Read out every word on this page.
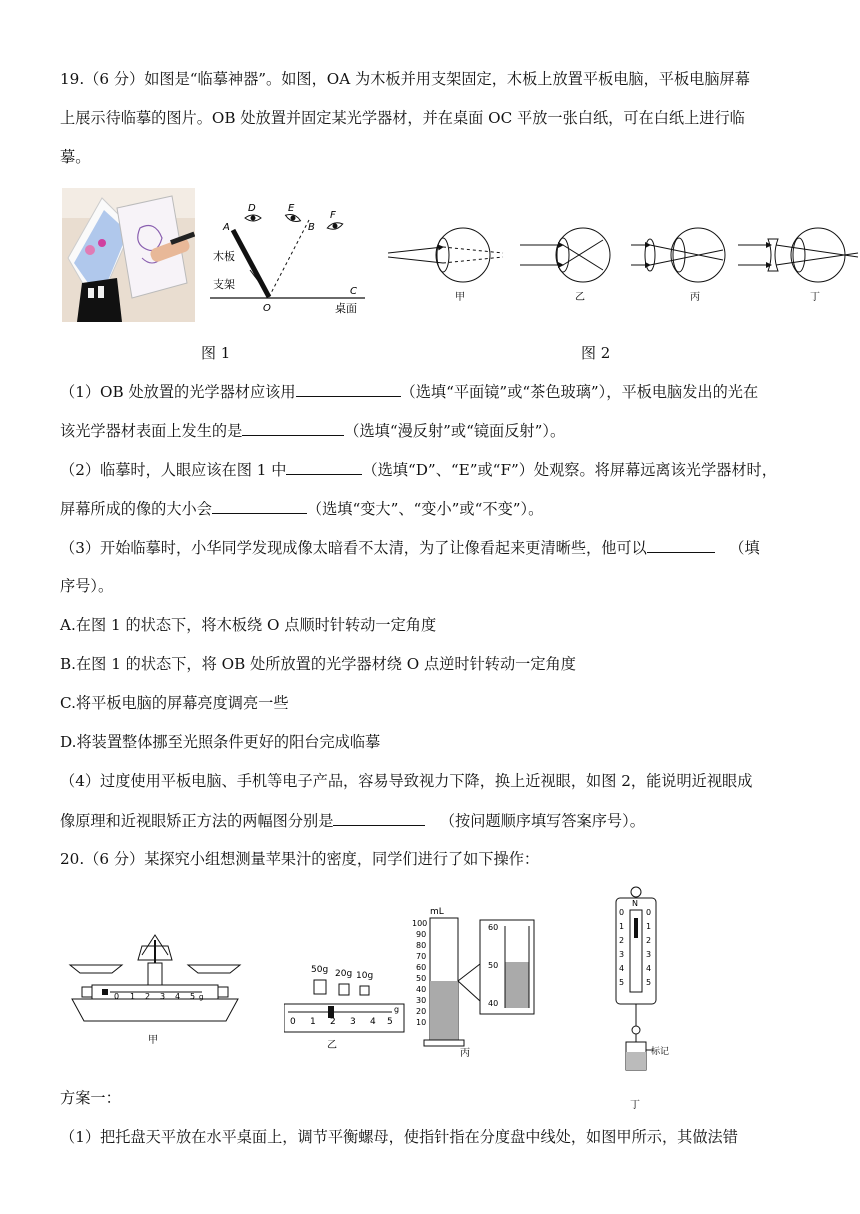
19.（6 分）如图是“临摹神器”。如图，OA 为木板并用支架固定，木板上放置平板电脑，平板电脑屏幕
上展示待临摹的图片。OB 处放置并固定某光学器材，并在桌面 OC 平放一张白纸，可在白纸上进行临
摹。
A
D	E
B
F
木板
支架
O
C
桌面
甲	乙	丙	丁
图 1	图 2
（1）OB 处放置的光学器材应该用	（选填“平面镜”或“茶色玻璃”），平板电脑发出的光在
该光学器材表面上发生的是	（选填“漫反射”或“镜面反射”）。
（2）临摹时，人眼应该在图 1 中	（选填“D”、“E”或“F”）处观察。将屏幕远离该光学器材时，
屏幕所成的像的大小会	（选填“变大”、“变小”或“不变”）。
（3）开始临摹时，小华同学发现成像太暗看不太清，为了让像看起来更清晰些，他可以	（填
序号）。
A.在图 1 的状态下，将木板绕 O 点顺时针转动一定角度
B.在图 1 的状态下，将 OB 处所放置的光学器材绕 O 点逆时针转动一定角度
C.将平板电脑的屏幕亮度调亮一些
D.将装置整体挪至光照条件更好的阳台完成临摹
（4）过度使用平板电脑、手机等电子产品，容易导致视力下降，换上近视眼，如图 2，能说明近视眼成
像原理和近视眼矫正方法的两幅图分别是	（按问题顺序填写答案序号）。
20.（6 分）某探究小组想测量苹果汁的密度，同学们进行了如下操作：
0 1 2 3 4 5 g
甲
50g 20g 10g
0 1 2 3 4 5
g
乙
mL
100
90
80
70
60
50
40
30
20
10
60
50
40
丙
N
0
1
2
3
4
5
0
1
2
3
4
5
标记
丁
方案一：
（1）把托盘天平放在水平桌面上，调节平衡螺母，使指针指在分度盘中线处，如图甲所示，其做法错
